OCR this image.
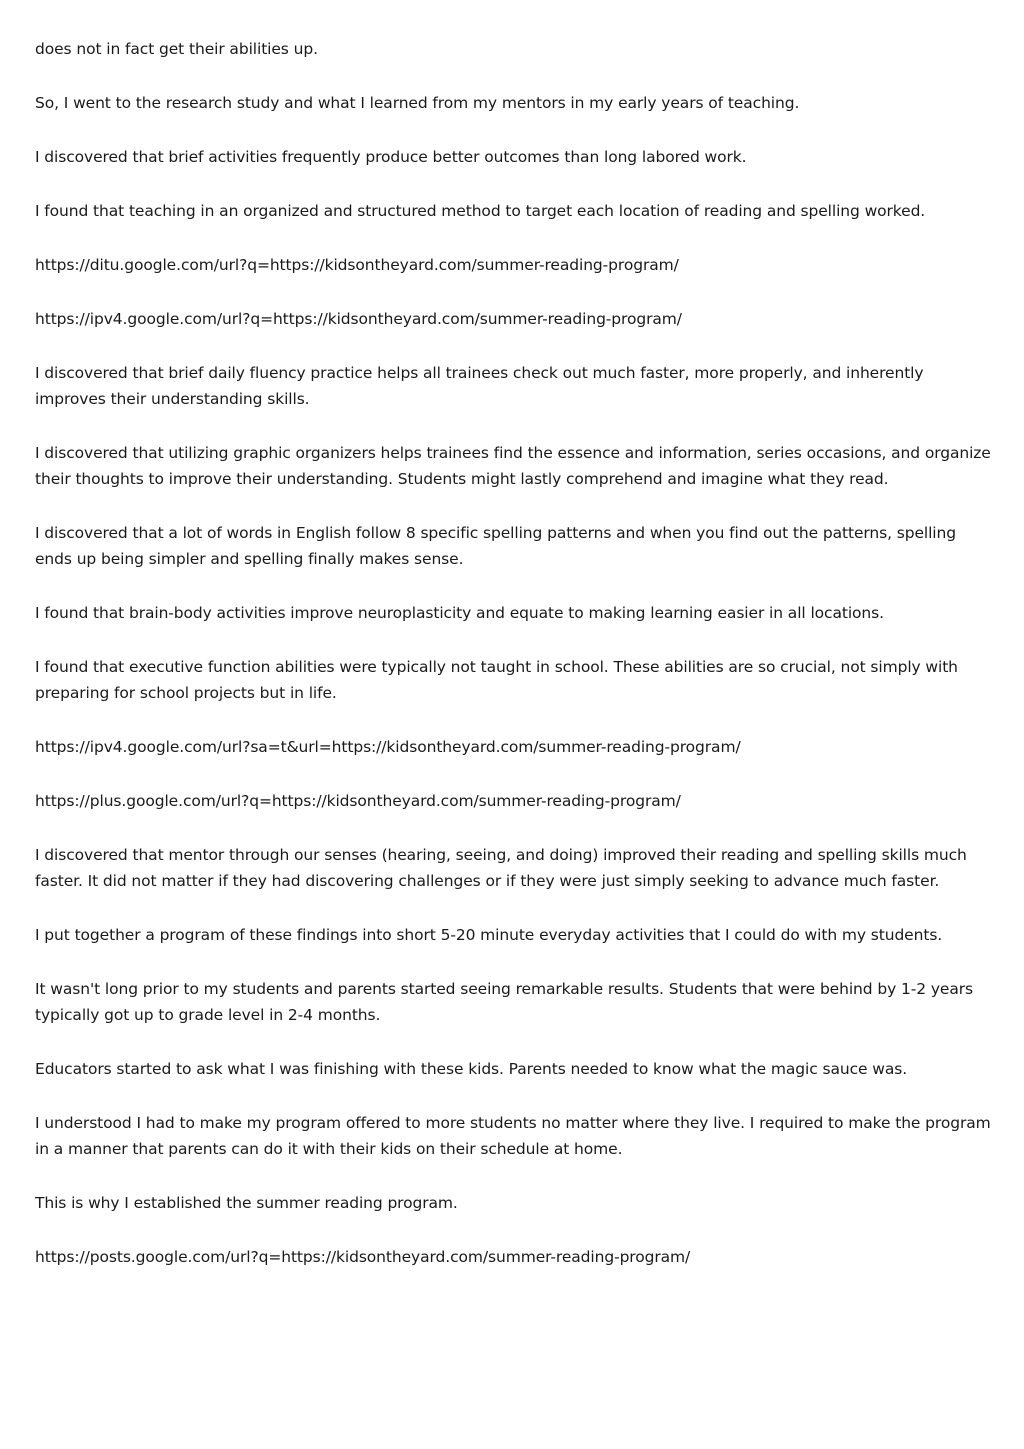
does not in fact get their abilities up.

So, I went to the research study and what I learned from my mentors in my early years of teaching.

I discovered that brief activities frequently produce better outcomes than long labored work.

I found that teaching in an organized and structured method to target each location of reading and spelling worked.

https://ditu.google.com/url?q=https://kidsontheyard.com/summer-reading-program/

https://ipv4.google.com/url?q=https://kidsontheyard.com/summer-reading-program/

I discovered that brief daily fluency practice helps all trainees check out much faster, more properly, and inherently improves their understanding skills.

I discovered that utilizing graphic organizers helps trainees find the essence and information, series occasions, and organize their thoughts to improve their understanding. Students might lastly comprehend and imagine what they read.

I discovered that a lot of words in English follow 8 specific spelling patterns and when you find out the patterns, spelling ends up being simpler and spelling finally makes sense.

I found that brain-body activities improve neuroplasticity and equate to making learning easier in all locations.

I found that executive function abilities were typically not taught in school. These abilities are so crucial, not simply with preparing for school projects but in life.

https://ipv4.google.com/url?sa=t&url=https://kidsontheyard.com/summer-reading-program/

https://plus.google.com/url?q=https://kidsontheyard.com/summer-reading-program/

I discovered that mentor through our senses (hearing, seeing, and doing) improved their reading and spelling skills much faster. It did not matter if they had discovering challenges or if they were just simply seeking to advance much faster.

I put together a program of these findings into short 5-20 minute everyday activities that I could do with my students.

It wasn't long prior to my students and parents started seeing remarkable results. Students that were behind by 1-2 years typically got up to grade level in 2-4 months.

Educators started to ask what I was finishing with these kids. Parents needed to know what the magic sauce was.

I understood I had to make my program offered to more students no matter where they live. I required to make the program in a manner that parents can do it with their kids on their schedule at home.

This is why I established the summer reading program.

https://posts.google.com/url?q=https://kidsontheyard.com/summer-reading-program/
